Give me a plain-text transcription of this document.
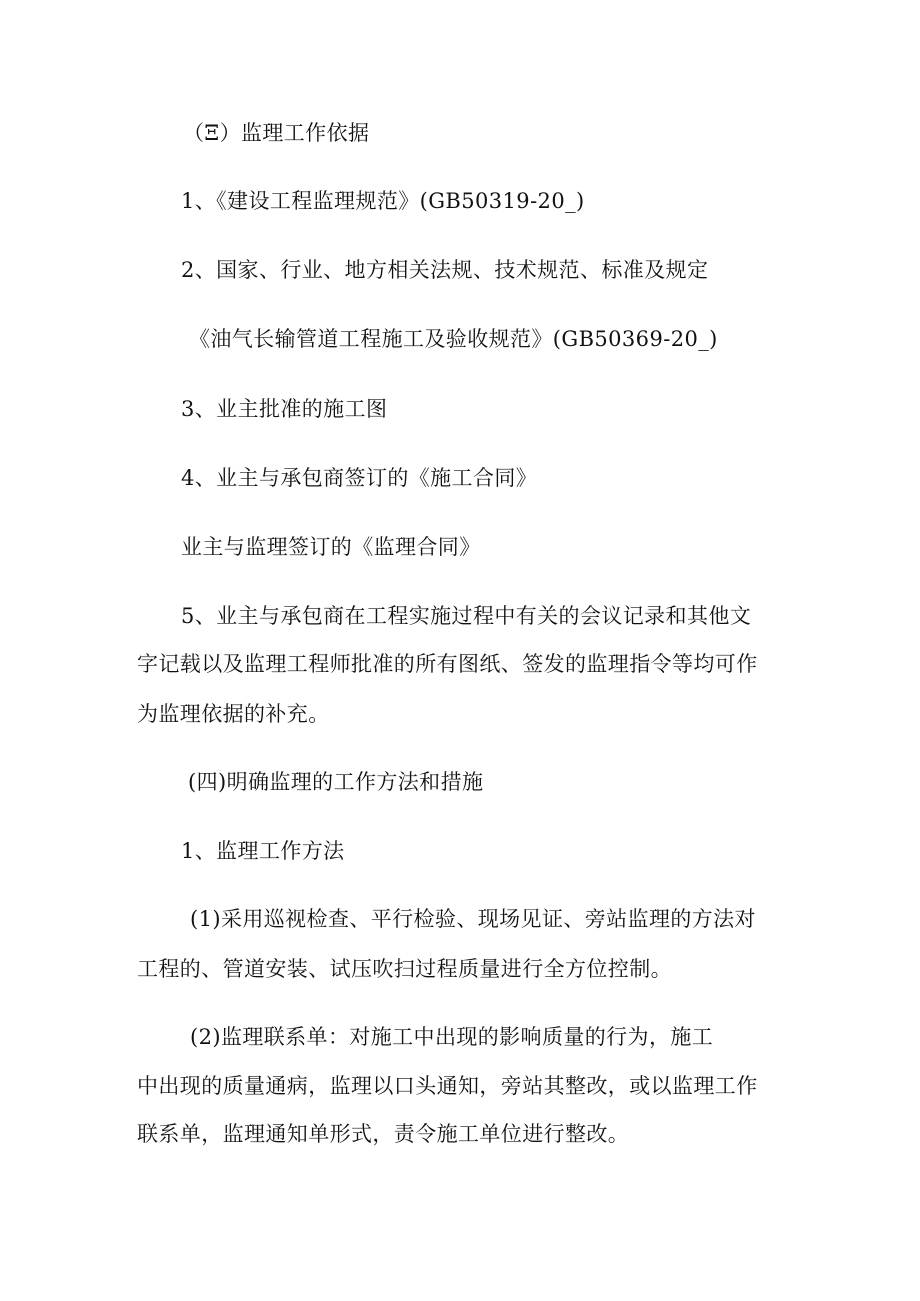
（Ξ）监理工作依据
1、《建设工程监理规范》(GB50319-20_)
2、国家、行业、地方相关法规、技术规范、标准及规定
《油气长输管道工程施工及验收规范》(GB50369-20_)
3、业主批准的施工图
4、业主与承包商签订的《施工合同》
业主与监理签订的《监理合同》
5、业主与承包商在工程实施过程中有关的会议记录和其他文
字记载以及监理工程师批准的所有图纸、签发的监理指令等均可作
为监理依据的补充。
(四)明确监理的工作方法和措施
1、监理工作方法
(1)采用巡视检查、平行检验、现场见证、旁站监理的方法对
工程的、管道安装、试压吹扫过程质量进行全方位控制。
(2)监理联系单：对施工中出现的影响质量的行为，施工
中出现的质量通病，监理以口头通知，旁站其整改，或以监理工作
联系单，监理通知单形式，责令施工单位进行整改。
